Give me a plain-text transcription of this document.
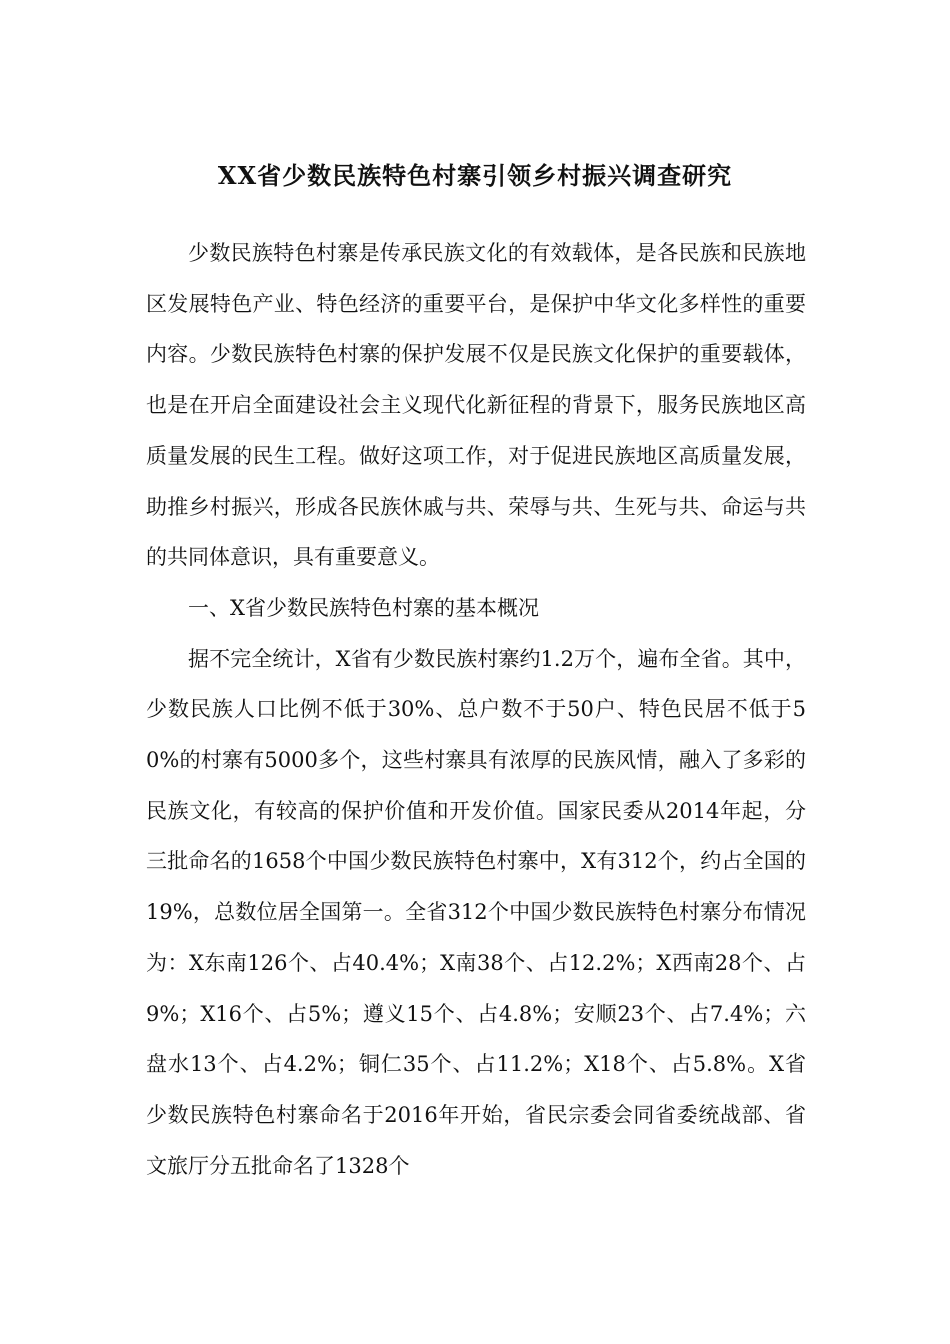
XX省少数民族特色村寨引领乡村振兴调查研究

少数民族特色村寨是传承民族文化的有效载体，是各民族和民族地区发展特色产业、特色经济的重要平台，是保护中华文化多样性的重要内容。少数民族特色村寨的保护发展不仅是民族文化保护的重要载体，也是在开启全面建设社会主义现代化新征程的背景下，服务民族地区高质量发展的民生工程。做好这项工作，对于促进民族地区高质量发展，助推乡村振兴，形成各民族休戚与共、荣辱与共、生死与共、命运与共的共同体意识，具有重要意义。

一、X省少数民族特色村寨的基本概况

据不完全统计，X省有少数民族村寨约1.2万个，遍布全省。其中，少数民族人口比例不低于30%、总户数不于50户、特色民居不低于50%的村寨有5000多个，这些村寨具有浓厚的民族风情，融入了多彩的民族文化，有较高的保护价值和开发价值。国家民委从2014年起，分三批命名的1658个中国少数民族特色村寨中，X有312个，约占全国的19%，总数位居全国第一。全省312个中国少数民族特色村寨分布情况为：X东南126个、占40.4%；X南38个、占12.2%；X西南28个、占9%；X16个、占5%；遵义15个、占4.8%；安顺23个、占7.4%；六盘水13个、占4.2%；铜仁35个、占11.2%；X18个、占5.8%。X省少数民族特色村寨命名于2016年开始，省民宗委会同省委统战部、省文旅厅分五批命名了1328个
